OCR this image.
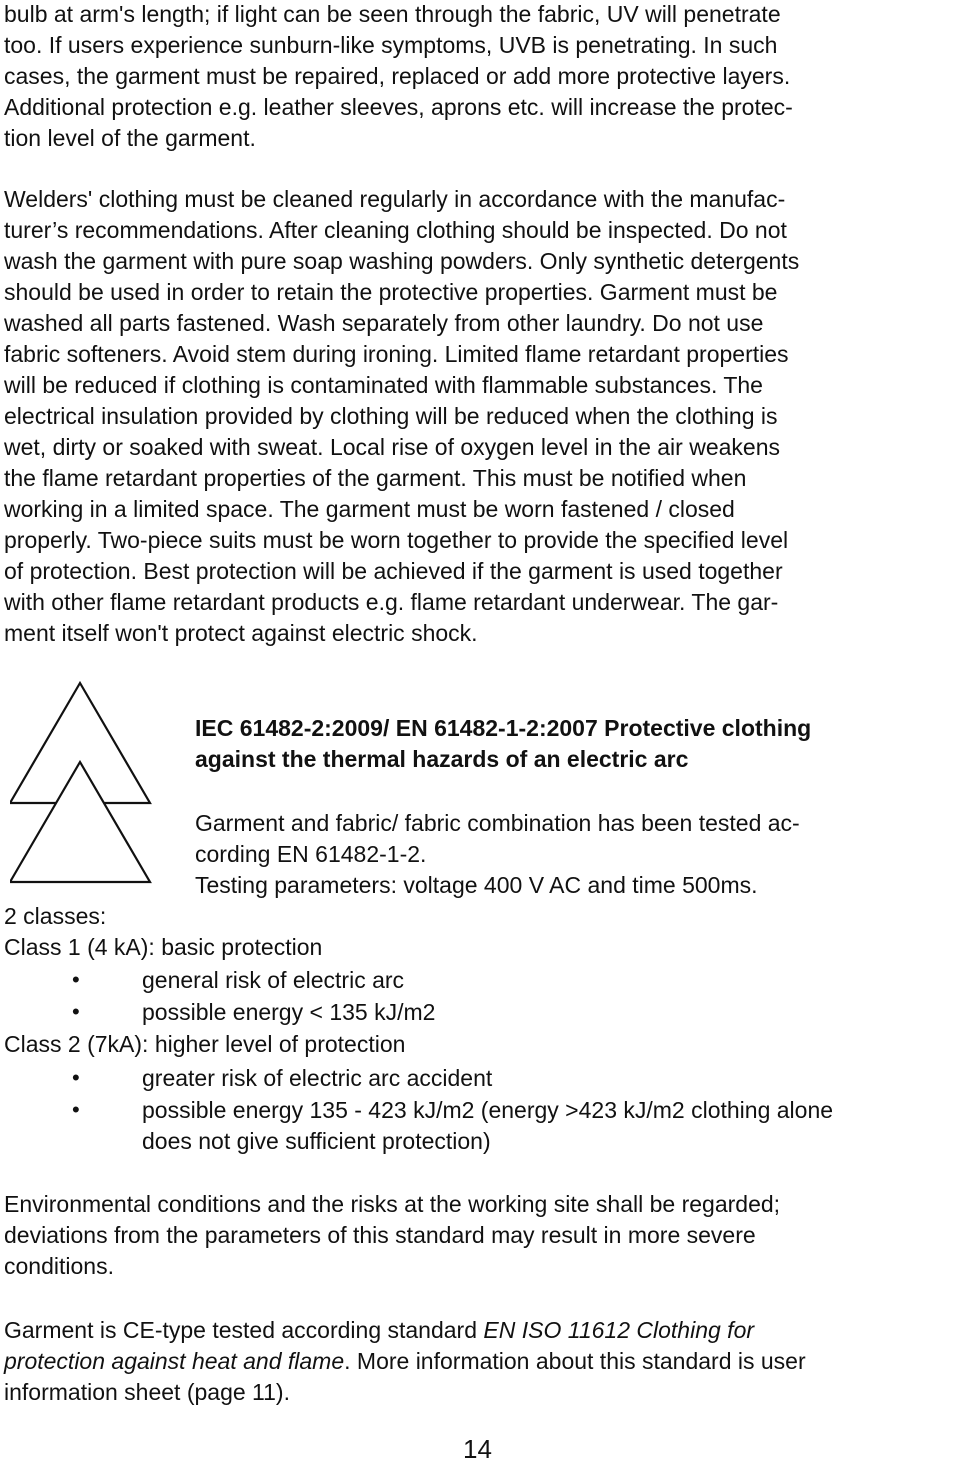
bulb at arm's length; if light can be seen through the fabric, UV will penetrate
too. If users experience sunburn-like symptoms, UVB is penetrating. In such
cases, the garment must be repaired, replaced or add more protective layers.
Additional protection e.g. leather sleeves, aprons etc. will increase the protec-
tion level of the garment.
Welders' clothing must be cleaned regularly in accordance with the manufac-
turer’s recommendations. After cleaning clothing should be inspected. Do not
wash the garment with pure soap washing powders. Only synthetic detergents
should be used in order to retain the protective properties. Garment must be
washed all parts fastened. Wash separately from other laundry. Do not use
fabric softeners. Avoid stem during ironing. Limited flame retardant properties
will be reduced if clothing is contaminated with flammable substances. The
electrical insulation provided by clothing will be reduced when the clothing is
wet, dirty or soaked with sweat. Local rise of oxygen level in the air weakens
the flame retardant properties of the garment. This must be notified when
working in a limited space. The garment must be worn fastened / closed
properly. Two-piece suits must be worn together to provide the specified level
of protection. Best protection will be achieved if the garment is used together
with other flame retardant products e.g. flame retardant underwear. The gar-
ment itself won't protect against electric shock.
IEC 61482-2:2009/ EN 61482-1-2:2007 Protective clothing
against the thermal hazards of an electric arc
Garment and fabric/ fabric combination has been tested ac-
cording EN 61482-1-2.
Testing parameters: voltage 400 V AC and time 500ms.
2 classes:
Class 1 (4 kA): basic protection
•	general risk of electric arc
•	possible energy < 135 kJ/m2
Class 2 (7kA): higher level of protection
•	greater risk of electric arc accident
•	possible energy 135 - 423 kJ/m2 (energy >423 kJ/m2 clothing alone
does not give sufficient protection)
Environmental conditions and the risks at the working site shall be regarded;
deviations from the parameters of this standard may result in more severe
conditions.
Garment is CE-type tested according standard EN ISO 11612 Clothing for
protection against heat and flame. More information about this standard is user
information sheet (page 11).
14
